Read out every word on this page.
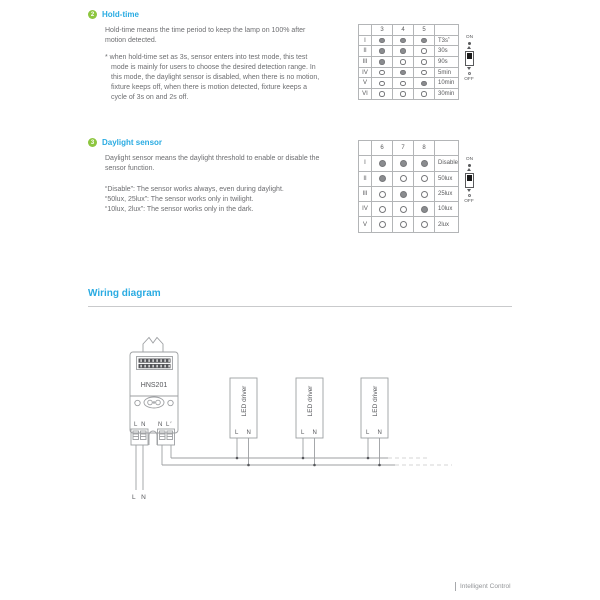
2 Hold-time

Hold-time means the time period to keep the lamp on 100% after motion detected.

* when hold-time set as 3s, sensor enters into test mode, this test mode is mainly for users to choose the desired detection range. In this mode, the daylight sensor is disabled, when there is no motion, fixture keeps off, when there is motion detected, fixture keeps a cycle of 3s on and 2s off.

3	4	5
I	T3s*
II	30s
III	90s
IV	5min
V	10min
VI	30min
ON
OFF
3 Daylight sensor

Daylight sensor means the daylight threshold to enable or disable the sensor function.

“Disable”: The sensor works always, even during daylight.
“50lux, 25lux”: The sensor works only in twilight.
“10lux, 2lux”: The sensor works only in the dark.
6	7	8
I	Disable
II	50lux
III	25lux
IV	10lux
V	2lux
ON
OFF
Wiring diagram
HNS201
L N N L′
L N
LED driver	LED driver	LED driver
L N	L N	L N
Intelligent Control
